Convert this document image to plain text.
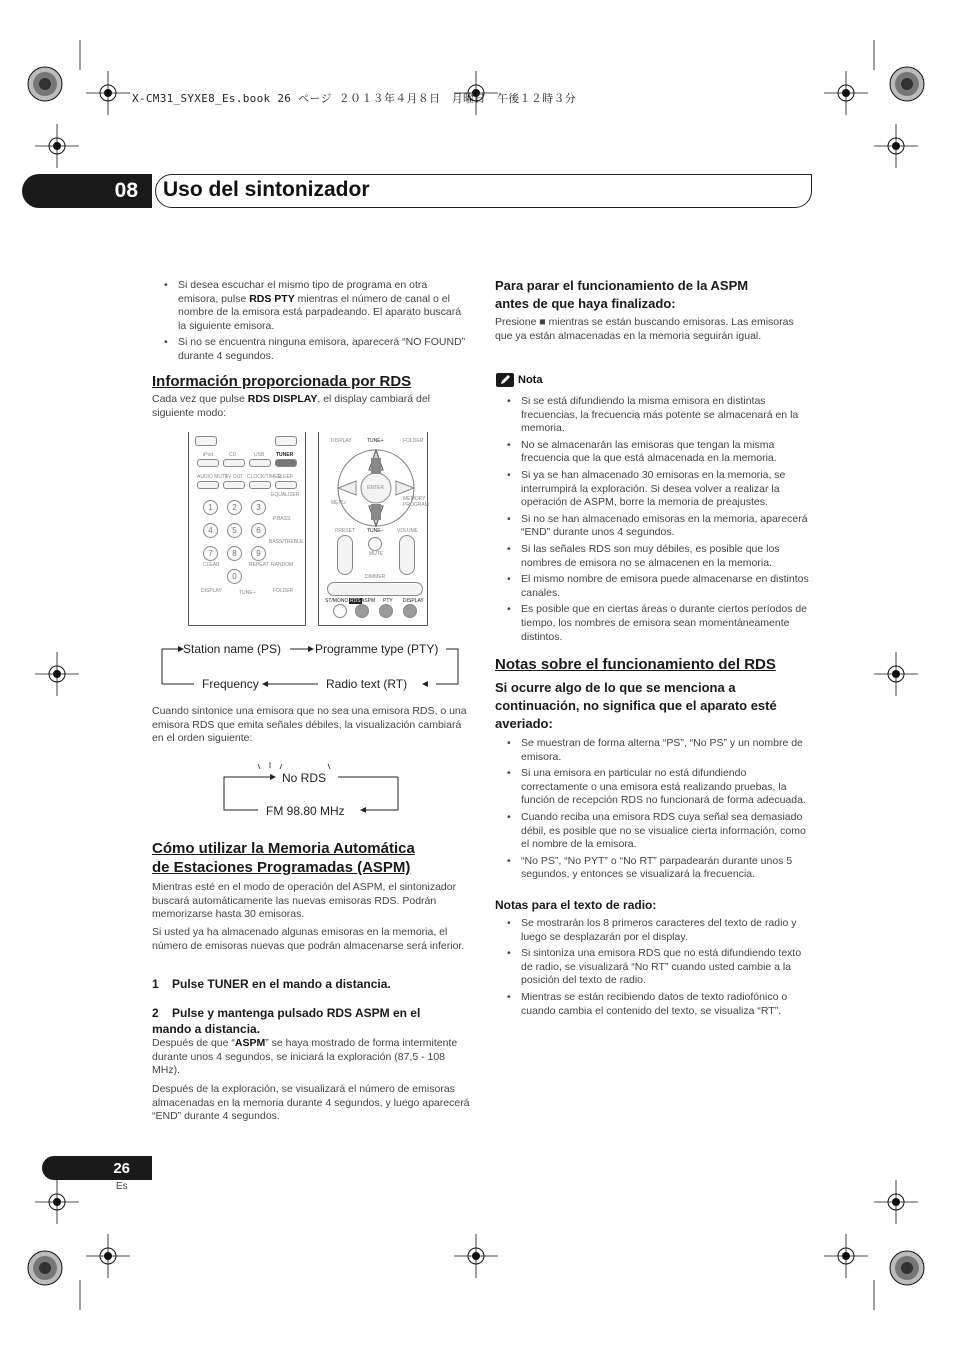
X-CM31_SYXE8_Es.book 26 ページ ２０１３年４月８日　月曜日　午後１２時３分
08	Uso del sintonizador
• Si desea escuchar el mismo tipo de programa en otra emisora, pulse RDS PTY mientras el número de canal o el nombre de la emisora está parpadeando. El aparato buscará la siguiente emisora.
• Si no se encuentra ninguna emisora, aparecerá “NO FOUND” durante 4 segundos.
Información proporcionada por RDS
Cada vez que pulse RDS DISPLAY, el display cambiará del siguiente modo:
iPod	CD	USB TUNER
AUDIO MUTE
TV OUT CLOCK/TIMER
SLEEP
EQUALIZER
1	2	3
P.BASS
4	5	6
BASS/TREBLE
7	8	9
CLEAR	REPEAT RANDOM
0
DISPLAY	TUNE+	FOLDER
DISPLAY	TUNE+	FOLDER
ENTER
MENU
MEMORY PROGRAM
PRESET TUNE–	VOLUME
MUTE
DIMMER
ST/MONO RDS ASPM PTY DISPLAY
Station name (PS)	Programme type (PTY)
Frequency	Radio text (RT)
Cuando sintonice una emisora que no sea una emisora RDS, o una emisora RDS que emita señales débiles, la visualización cambiará en el orden siguiente:
No RDS
FM 98.80 MHz
Cómo utilizar la Memoria Automática
de Estaciones Programadas (ASPM)
Mientras esté en el modo de operación del ASPM, el sintonizador buscará automáticamente las nuevas emisoras RDS. Podrán memorizarse hasta 30 emisoras.
Si usted ya ha almacenado algunas emisoras en la memoria, el número de emisoras nuevas que podrán almacenarse será inferior.
1    Pulse TUNER en el mando a distancia.
2    Pulse y mantenga pulsado RDS ASPM en el
mando a distancia.
Después de que “ASPM” se haya mostrado de forma intermitente durante unos 4 segundos, se iniciará la exploración (87,5 - 108 MHz).
Después de la exploración, se visualizará el número de emisoras almacenadas en la memoria durante 4 segundos, y luego aparecerá “END” durante 4 segundos.
Para parar el funcionamiento de la ASPM
antes de que haya finalizado:
Presione ■ mientras se están buscando emisoras. Las emisoras que ya están almacenadas en la memoria seguirán igual.
Nota
• Si se está difundiendo la misma emisora en distintas frecuencias, la frecuencia más potente se almacenará en la memoria.
• No se almacenarán las emisoras que tengan la misma frecuencia que la que está almacenada en la memoria.
• Si ya se han almacenado 30 emisoras en la memoria, se interrumpirá la exploración. Si desea volver a realizar la operación de ASPM, borre la memoria de preajustes.
• Si no se han almacenado emisoras en la memoria, aparecerá “END” durante unos 4 segundos.
• Si las señales RDS son muy débiles, es posible que los nombres de emisora no se almacenen en la memoria.
• El mismo nombre de emisora puede almacenarse en distintos canales.
• Es posible que en ciertas áreas o durante ciertos períodos de tiempo, los nombres de emisora sean momentáneamente distintos.
Notas sobre el funcionamiento del RDS
Si ocurre algo de lo que se menciona a
continuación, no significa que el aparato esté
averiado:
• Se muestran de forma alterna “PS”, “No PS” y un nombre de emisora.
• Si una emisora en particular no está difundiendo correctamente o una emisora está realizando pruebas, la función de recepción RDS no funcionará de forma adecuada.
• Cuando reciba una emisora RDS cuya señal sea demasiado débil, es posible que no se visualice cierta información, como el nombre de la emisora.
• “No PS”, “No PYT” o “No RT” parpadearán durante unos 5 segundos, y entonces se visualizará la frecuencia.
Notas para el texto de radio:
• Se mostrarán los 8 primeros caracteres del texto de radio y luego se desplazarán por el display.
• Si sintoniza una emisora RDS que no está difundiendo texto de radio, se visualizará “No RT” cuando usted cambie a la posición del texto de radio.
• Mientras se están recibiendo datos de texto radiofónico o cuando cambia el contenido del texto, se visualiza “RT”.
26
Es
